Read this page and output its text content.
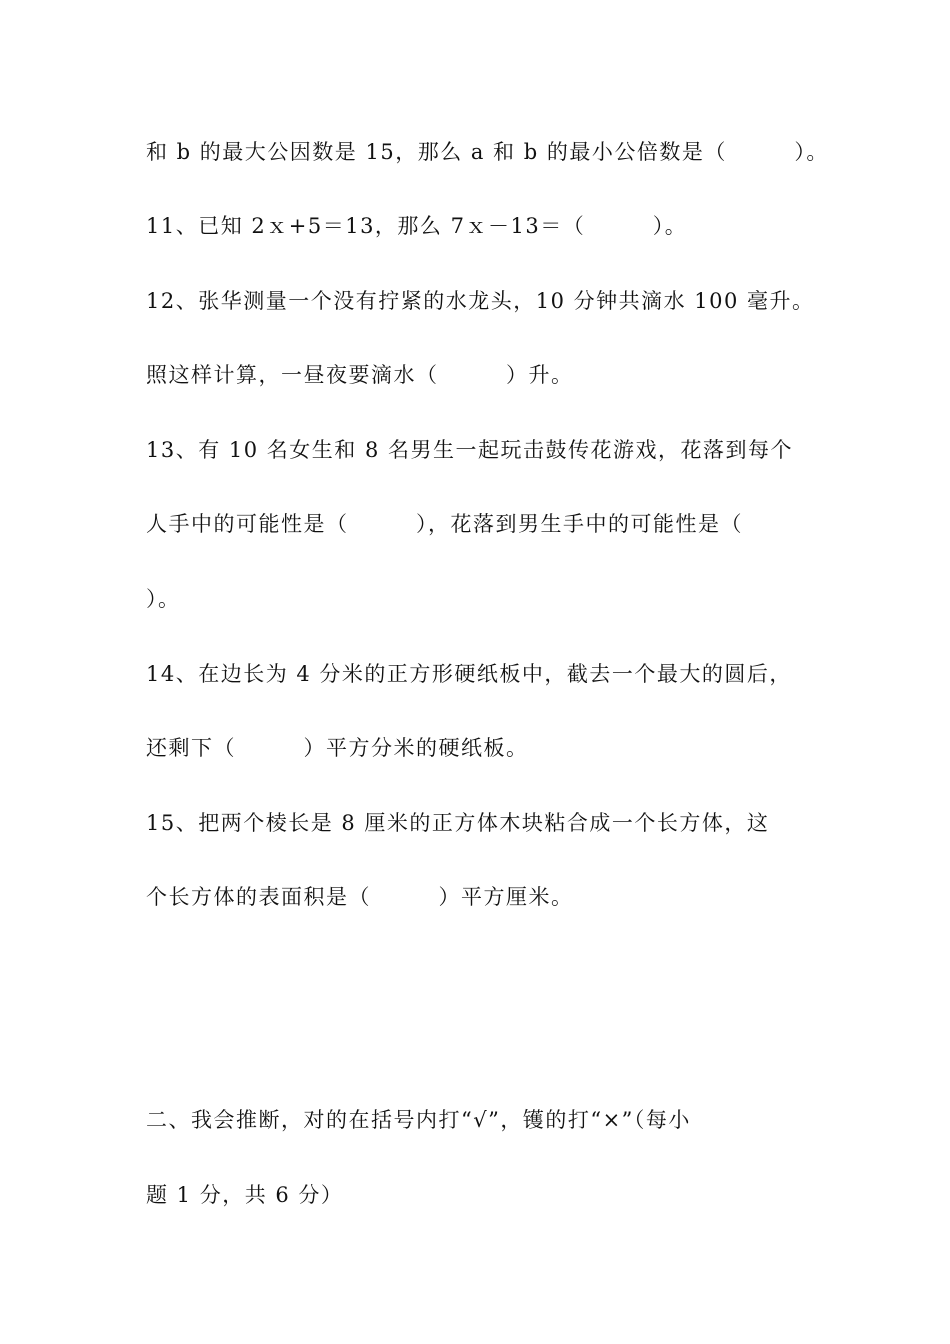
和 b 的最大公因数是 15，那么 a 和 b 的最小公倍数是（　　　）。
11、已知 2ｘ+5＝13，那么 7ｘ－13＝（　　　）。
12、张华测量一个没有拧紧的水龙头，10 分钟共滴水 100 毫升。
照这样计算，一昼夜要滴水（　　　）升。
13、有 10 名女生和 8 名男生一起玩击鼓传花游戏，花落到每个
人手中的可能性是（　　　），花落到男生手中的可能性是（
）。
14、在边长为 4 分米的正方形硬纸板中，截去一个最大的圆后，
还剩下（　　　）平方分米的硬纸板。
15、把两个棱长是 8 厘米的正方体木块粘合成一个长方体，这
个长方体的表面积是（　　　）平方厘米。
二、我会推断，对的在括号内打“√”，镬的打“×”（每小
题 1 分，共 6 分）
